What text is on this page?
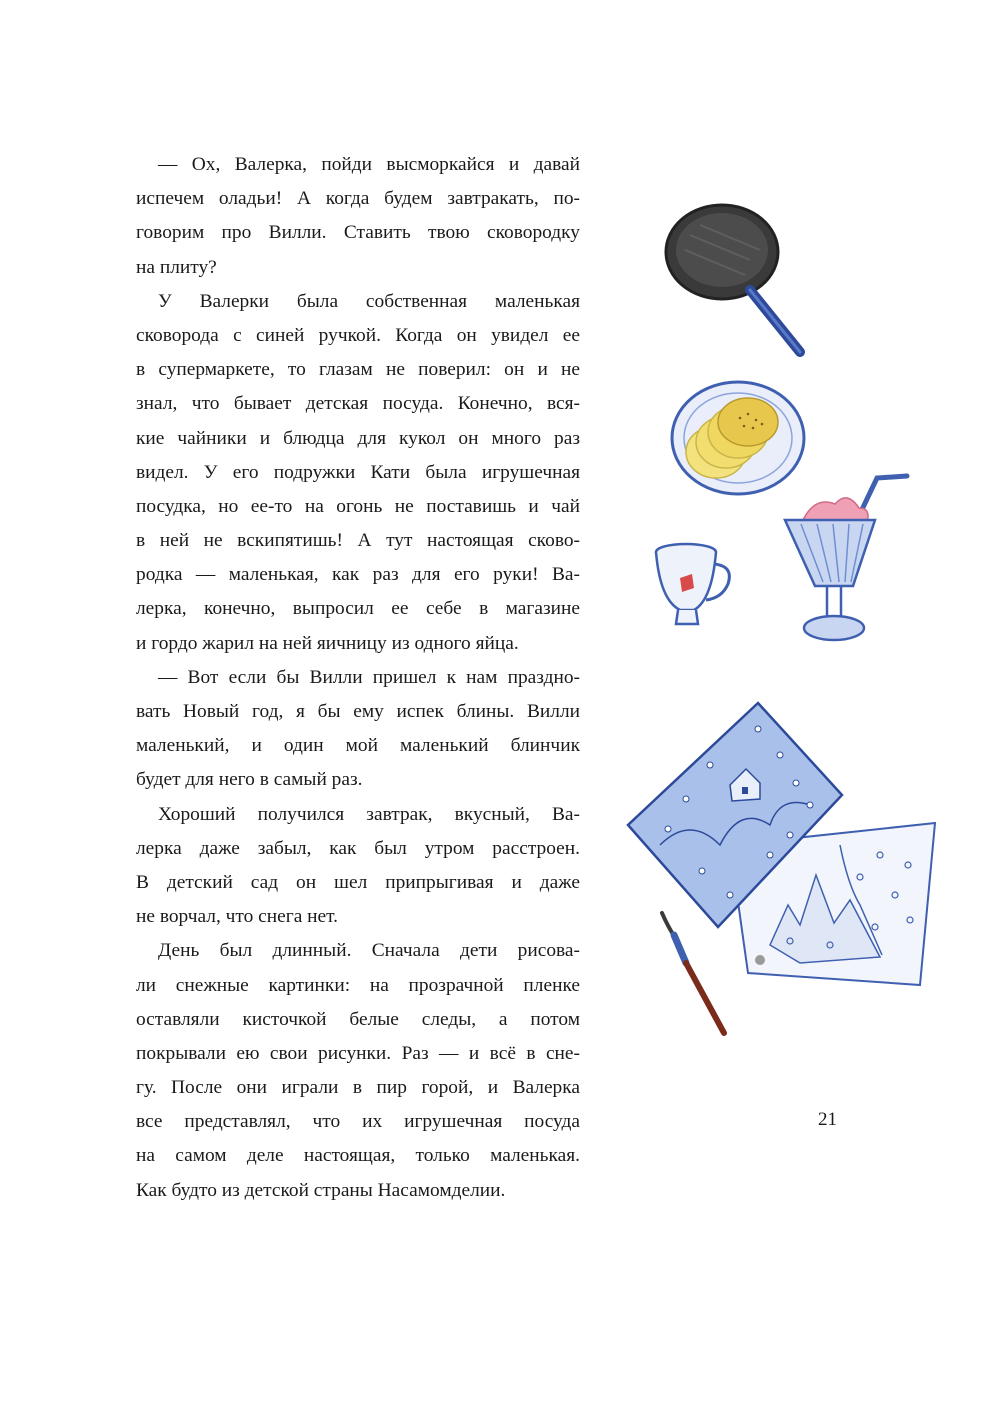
— Ох, Валерка, пойди высморкайся и давай
испечем оладьи! А когда будем завтракать, по-
говорим про Вилли. Ставить твою сковородку
на плиту?
У Валерки была собственная маленькая
сковорода с синей ручкой. Когда он увидел ее
в супермаркете, то глазам не поверил: он и не
знал, что бывает детская посуда. Конечно, вся-
кие чайники и блюдца для кукол он много раз
видел. У его подружки Кати была игрушечная
посудка, но ее-то на огонь не поставишь и чай
в ней не вскипятишь! А тут настоящая сково-
родка — маленькая, как раз для его руки! Ва-
лерка, конечно, выпросил ее себе в магазине
и гордо жарил на ней яичницу из одного яйца.
— Вот если бы Вилли пришел к нам праздно-
вать Новый год, я бы ему испек блины. Вилли
маленький, и один мой маленький блинчик
будет для него в самый раз.
Хороший получился завтрак, вкусный, Ва-
лерка даже забыл, как был утром расстроен.
В детский сад он шел припрыгивая и даже
не ворчал, что снега нет.
День был длинный. Сначала дети рисова-
ли снежные картинки: на прозрачной пленке
оставляли кисточкой белые следы, а потом
покрывали ею свои рисунки. Раз — и всё в сне-
гу. После они играли в пир горой, и Валерка
все представлял, что их игрушечная посуда
на самом деле настоящая, только маленькая.
Как будто из детской страны Насамомделии.
21
